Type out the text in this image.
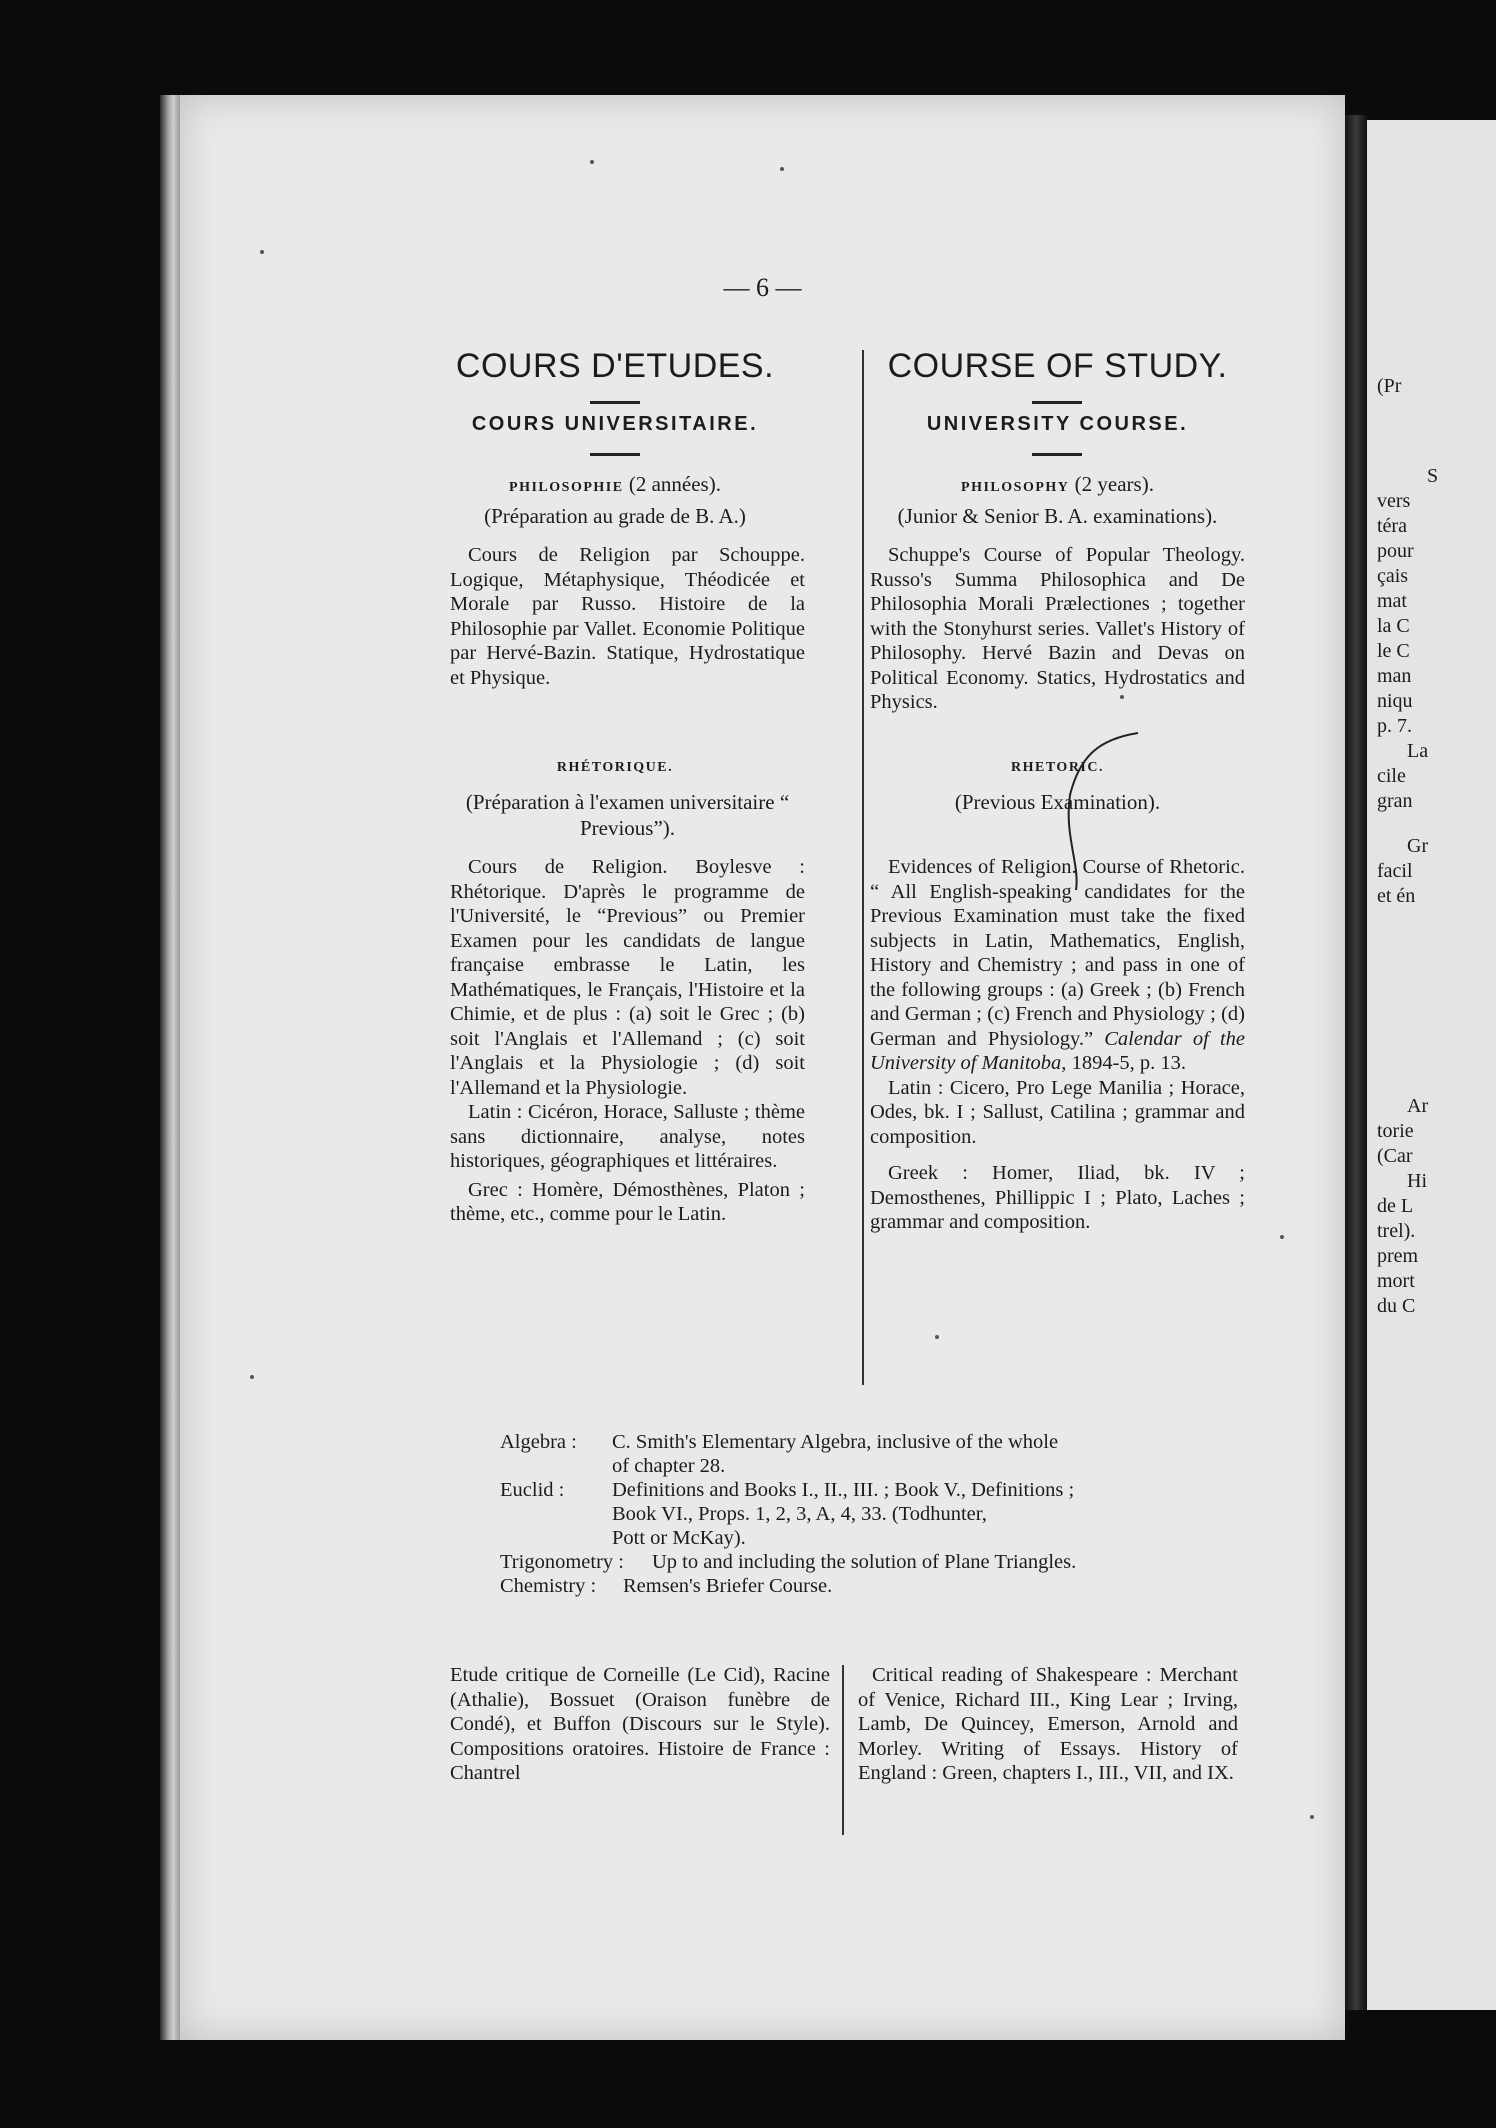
— 6 —
COURS D'ETUDES.
COURS UNIVERSITAIRE.
COURSE OF STUDY.
UNIVERSITY COURSE.
PHILOSOPHIE (2 années).
(Préparation au grade de B. A.)
Cours de Religion par Schouppe. Logique, Métaphysique, Théodicée et Morale par Russo. Histoire de la Philosophie par Vallet. Economie Politique par Hervé-Bazin. Statique, Hydrostatique et Physique.
PHILOSOPHY (2 years).
(Junior & Senior B. A. examinations).
Schuppe's Course of Popular Theology. Russo's Summa Philosophica and De Philosophia Morali Prælectiones ; together with the Stonyhurst series. Vallet's History of Philosophy. Hervé Bazin and Devas on Political Economy. Statics, Hydrostatics and Physics.
RHÉTORIQUE.
(Préparation à l'examen universitaire “ Previous”).

Cours de Religion. Boylesve : Rhétorique. D'après le programme de l'Université, le “Previous” ou Premier Examen pour les candidats de langue française embrasse le Latin, les Mathématiques, le Français, l'Histoire et la Chimie, et de plus : (a) soit le Grec ; (b) soit l'Anglais et l'Allemand ; (c) soit l'Anglais et la Physiologie ; (d) soit l'Allemand et la Physiologie.

Latin : Cicéron, Horace, Salluste ; thème sans dictionnaire, analyse, notes historiques, géographiques et littéraires.

Grec : Homère, Démosthènes, Platon ; thème, etc., comme pour le Latin.

RHETORIC.
(Previous Examination).

Evidences of Religion. Course of Rhetoric. “ All English-speaking candidates for the Previous Examination must take the fixed subjects in Latin, Mathematics, English, History and Chemistry ; and pass in one of the following groups : (a) Greek ; (b) French and German ; (c) French and Physiology ; (d) German and Physiology.” Calendar of the University of Manitoba, 1894-5, p. 13.

Latin : Cicero, Pro Lege Manilia ; Horace, Odes, bk. I ; Sallust, Catilina ; grammar and composition.

Greek : Homer, Iliad, bk. IV ; Demosthenes, Phillippic I ; Plato, Laches ; grammar and composition.

Algebra :	C. Smith's Elementary Algebra, inclusive of the whole
of chapter 28.
Euclid :	Definitions and Books I., II., III. ; Book V., Definitions ;
Book VI., Props. 1, 2, 3, A, 4, 33. (Todhunter,
Pott or McKay).
Trigonometry :	Up to and including the solution of Plane Triangles.
Chemistry :	Remsen's Briefer Course.
Etude critique de Corneille (Le Cid), Racine (Athalie), Bossuet (Oraison funèbre de Condé), et Buffon (Discours sur le Style). Compositions oratoires. Histoire de France : Chantrel
Critical reading of Shakespeare : Merchant of Venice, Richard III., King Lear ; Irving, Lamb, De Quincey, Emerson, Arnold and Morley. Writing of Essays. History of England : Green, chapters I., III., VII, and IX.
(Pr
S
vers
téra
pour
çais
mat
la C
le C
man
niqu
p. 7.
La
cile
gran
Gr
facil
et én
Ar
torie
(Car
Hi
de L
trel).
prem
mort
du C
